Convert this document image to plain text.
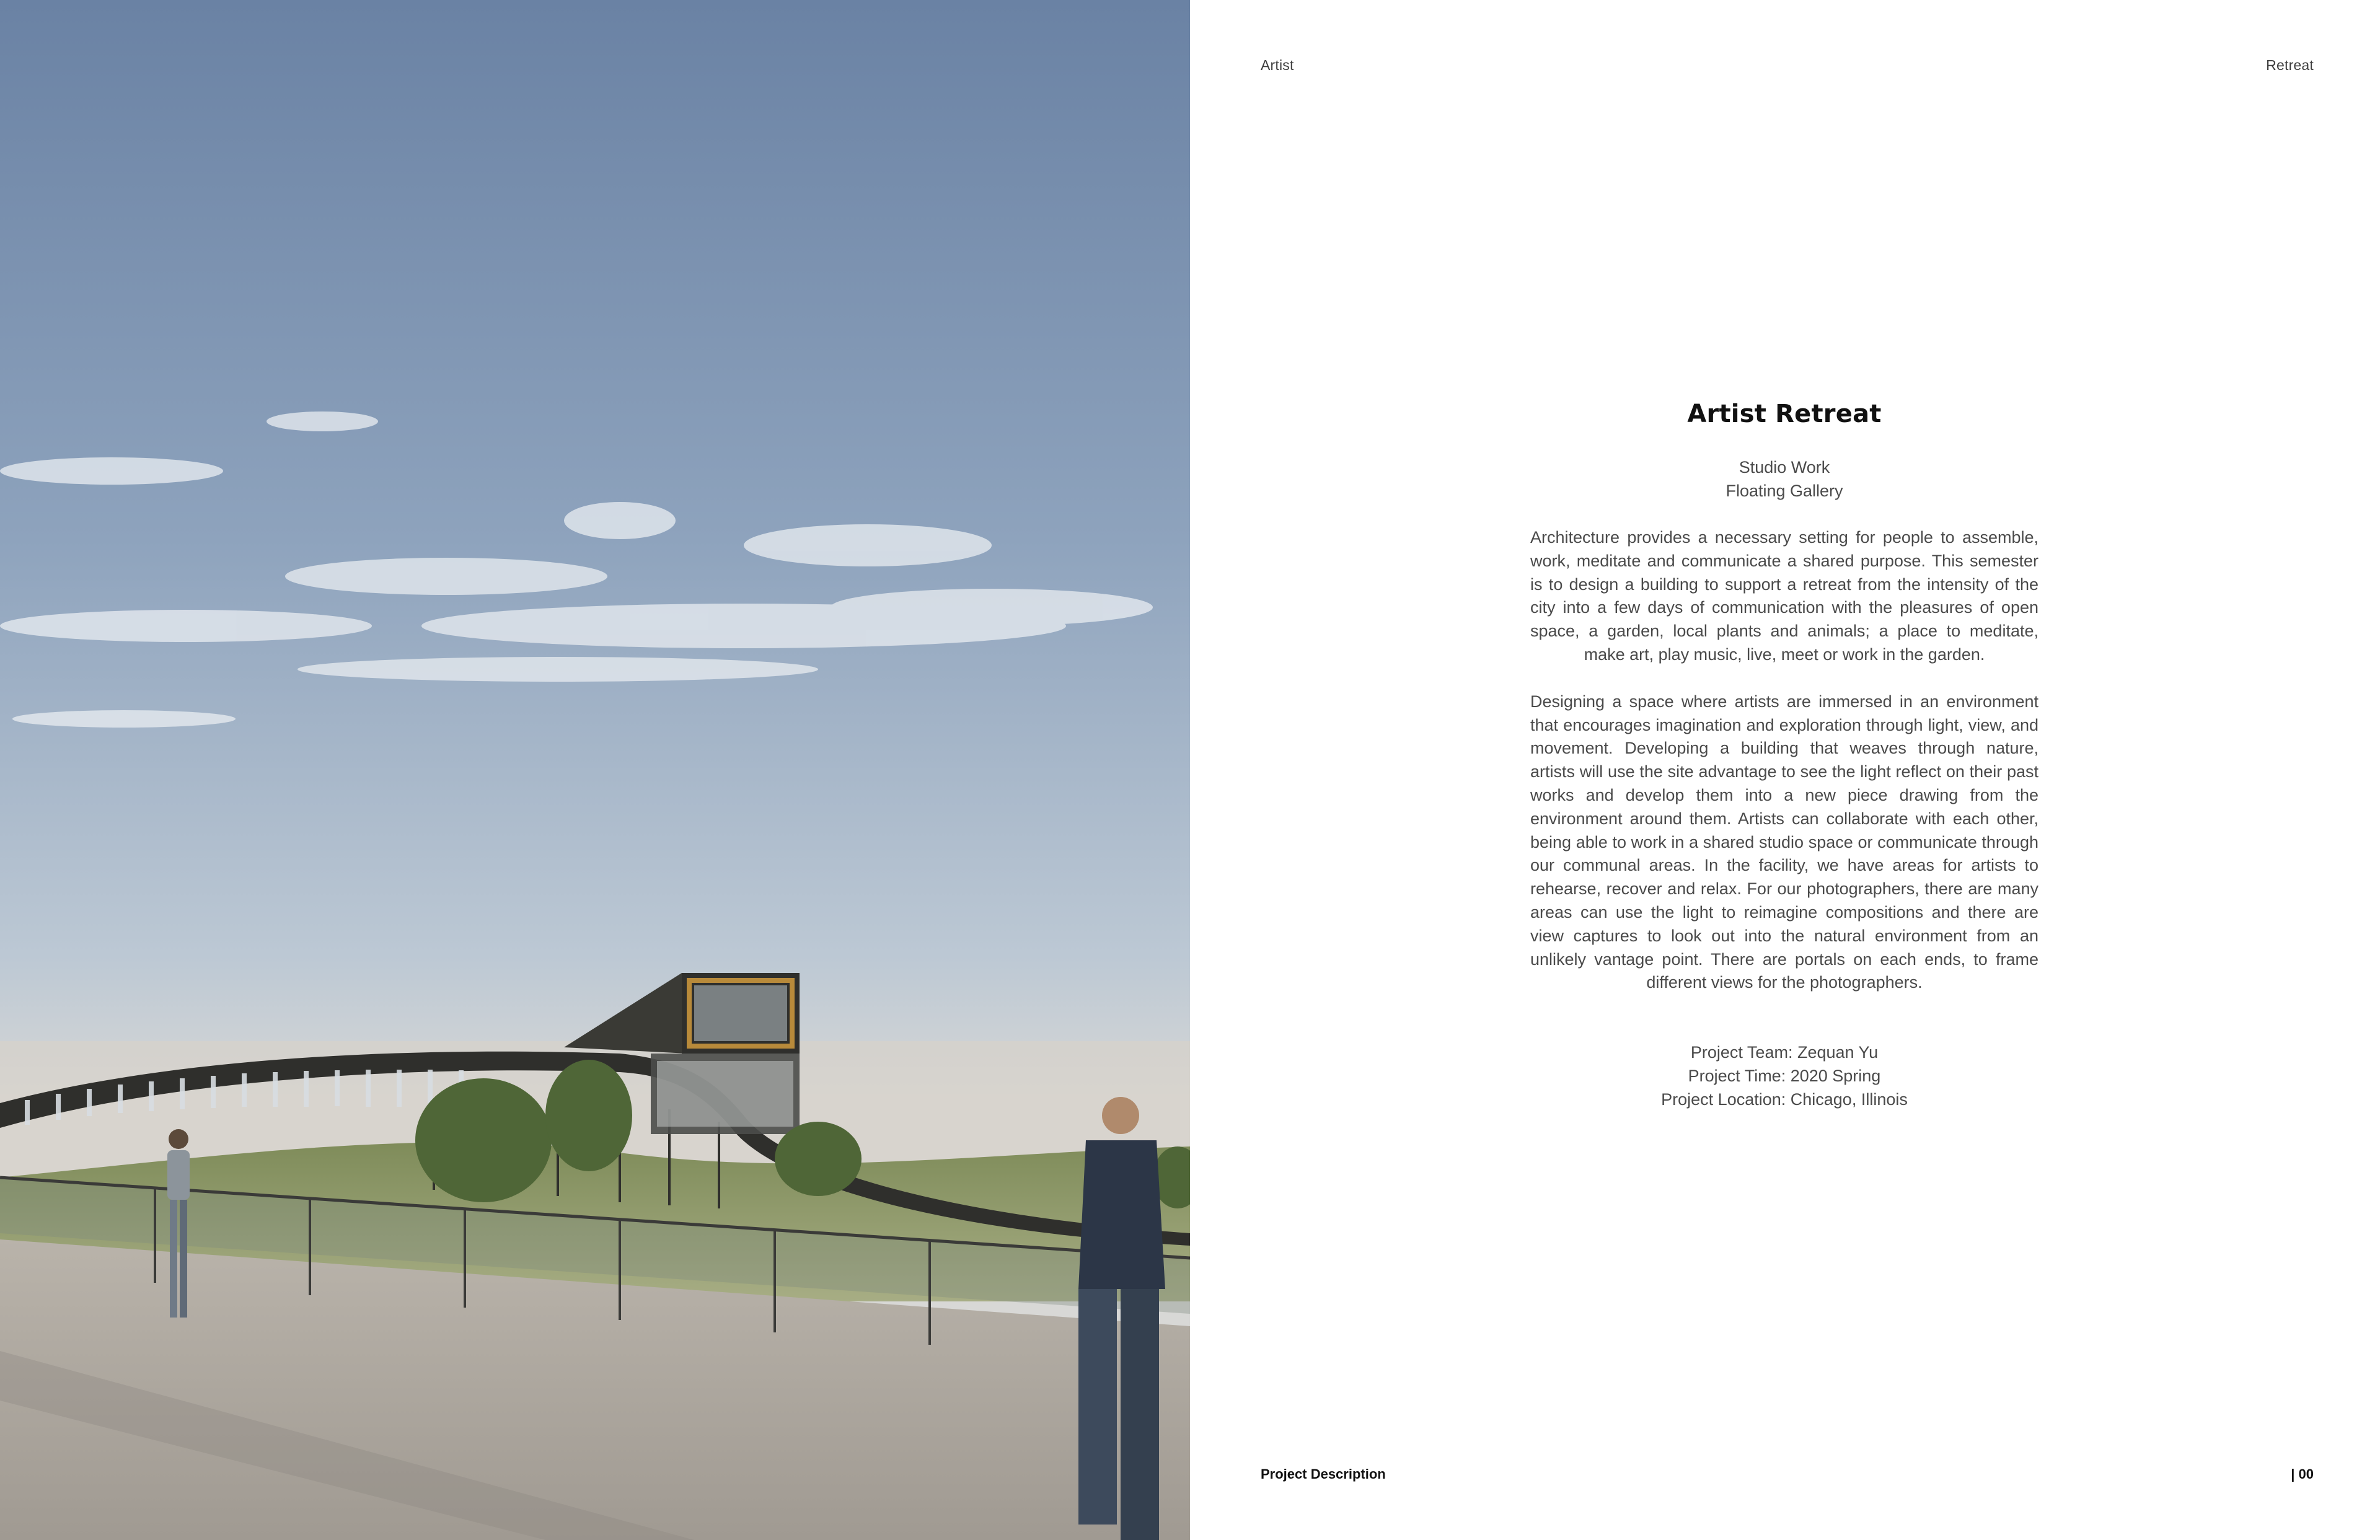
Artist	Retreat
Artist Retreat
Studio Work
Floating Gallery
Architecture provides a necessary setting for people to assemble, work, meditate and communicate a shared purpose. This semester is to design a building to support a retreat from the intensity of the city into a few days of communication with the pleasures of open space, a garden, local plants and animals; a place to meditate, make art, play music, live, meet or work in the garden.
Designing a space where artists are immersed in an environment that encourages imagination and exploration through light, view, and movement. Developing a building that weaves through nature, artists will use the site advantage to see the light reflect on their past works and develop them into a new piece drawing from the environment around them. Artists can collaborate with each other, being able to work in a shared studio space or communicate through our communal areas. In the facility, we have areas for artists to rehearse, recover and relax. For our photographers, there are many areas can use the light to reimagine compositions and there are view captures to look out into the natural environment from an unlikely vantage point. There are portals on each ends, to frame different views for the photographers.
Project Team: Zequan Yu
Project Time: 2020 Spring
Project Location: Chicago, Illinois
Project Description	| 00
